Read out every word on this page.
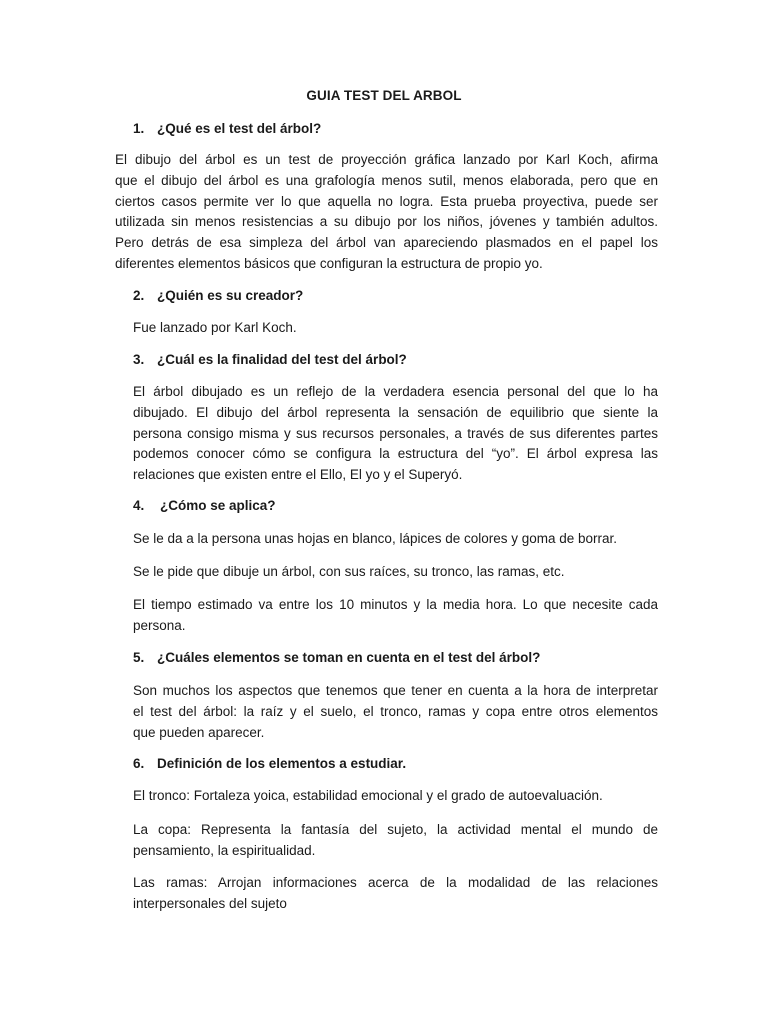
GUIA TEST DEL ARBOL
1. ¿Qué es el test del árbol?
El dibujo del árbol es un test de proyección gráfica lanzado por Karl Koch, afirma
que el dibujo del árbol es una grafología menos sutil, menos elaborada, pero que en
ciertos casos permite ver lo que aquella no logra. Esta prueba proyectiva, puede ser
utilizada sin menos resistencias a su dibujo por los niños, jóvenes y también adultos.
Pero detrás de esa simpleza del árbol van apareciendo plasmados en el papel los
diferentes elementos básicos que configuran la estructura de propio yo.
2. ¿Quién es su creador?
Fue lanzado por Karl Koch.
3. ¿Cuál es la finalidad del test del árbol?
El árbol dibujado es un reflejo de la verdadera esencia personal del que lo ha
dibujado. El dibujo del árbol representa la sensación de equilibrio que siente la
persona consigo misma y sus recursos personales, a través de sus diferentes partes
podemos conocer cómo se configura la estructura del “yo”. El árbol expresa las
relaciones que existen entre el Ello, El yo y el Superyó.
4. ¿Cómo se aplica?
Se le da a la persona unas hojas en blanco, lápices de colores y goma de borrar.
Se le pide que dibuje un árbol, con sus raíces, su tronco, las ramas, etc.
El tiempo estimado va entre los 10 minutos y la media hora. Lo que necesite cada
persona.
5. ¿Cuáles elementos se toman en cuenta en el test del árbol?
Son muchos los aspectos que tenemos que tener en cuenta a la hora de interpretar
el test del árbol: la raíz y el suelo, el tronco, ramas y copa entre otros elementos
que pueden aparecer.
6. Definición de los elementos a estudiar.
El tronco: Fortaleza yoica, estabilidad emocional y el grado de autoevaluación.
La copa: Representa la fantasía del sujeto, la actividad mental el mundo de
pensamiento, la espiritualidad.
Las ramas: Arrojan informaciones acerca de la modalidad de las relaciones
interpersonales del sujeto
